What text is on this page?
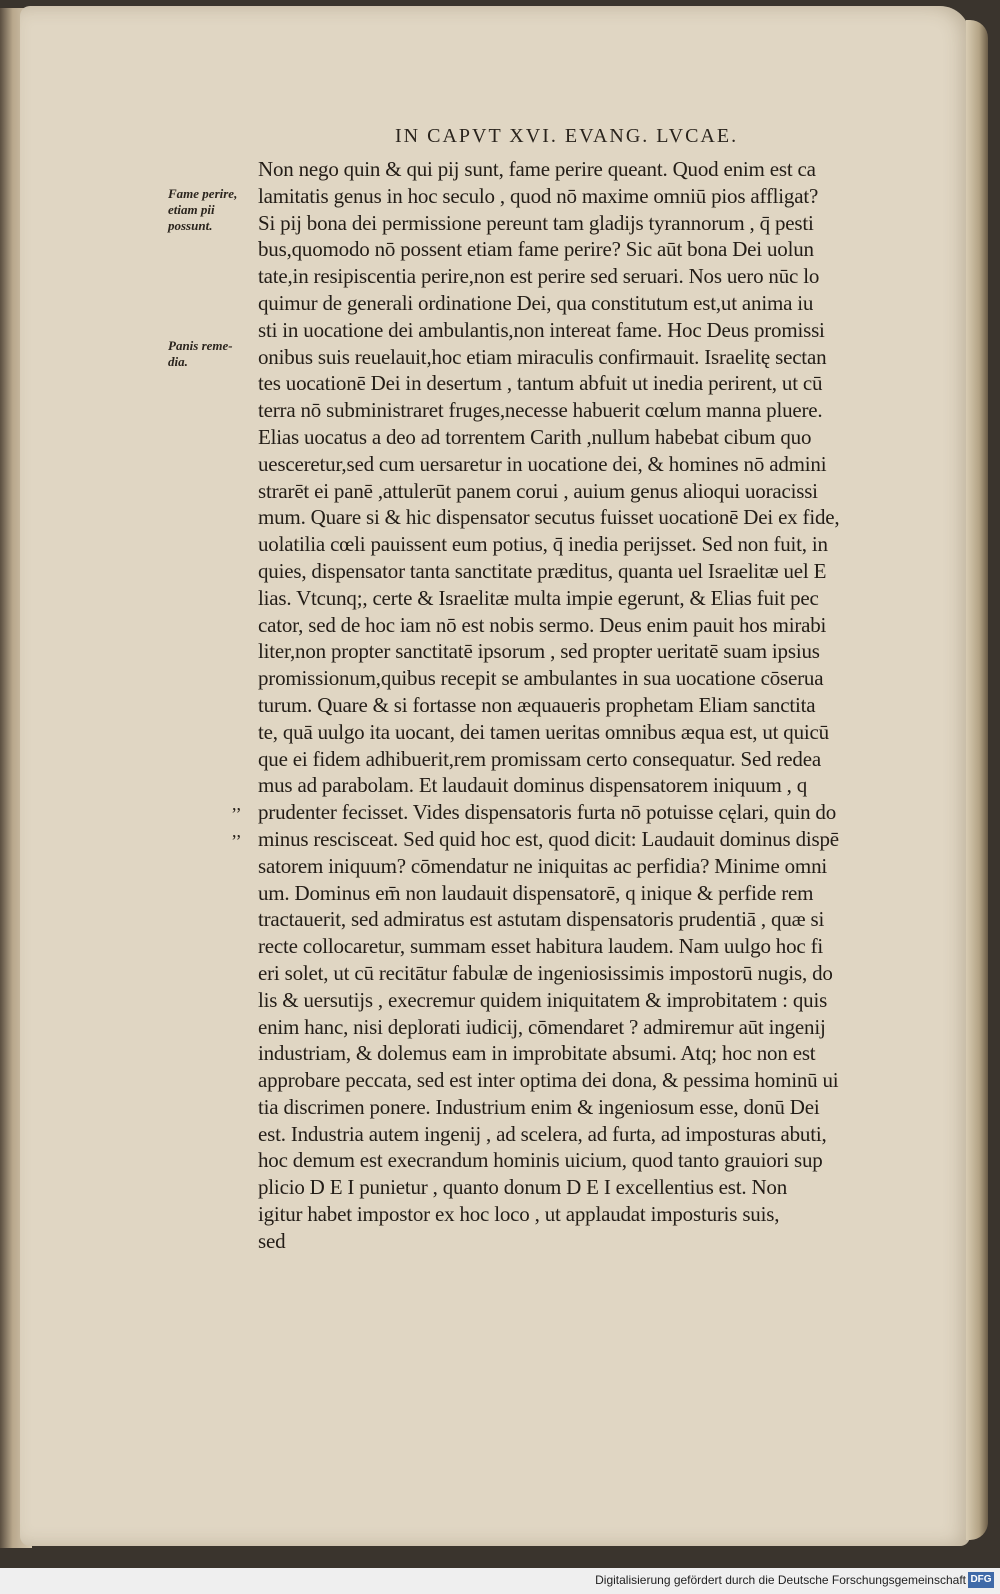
IN CAPVT XVI. EVANG. LVCAE.
Fame perire,
etiam pii
possunt.
Panis reme-
dia.
,,
,,
Non nego quin & qui pij sunt, fame perire queant. Quod enim est ca
lamitatis genus in hoc seculo , quod nō maxime omniū pios affligat?
Si pij bona dei permissione pereunt tam gladijs tyrannorum , q̄ pesti
bus,quomodo nō possent etiam fame perire? Sic aūt bona Dei uolun
tate,in resipiscentia perire,non est perire sed seruari. Nos uero nūc lo
quimur de generali ordinatione Dei, qua constitutum est,ut anima iu
sti in uocatione dei ambulantis,non intereat fame. Hoc Deus promissi
onibus suis reuelauit,hoc etiam miraculis confirmauit. Israelitę sectan
tes uocationē Dei in desertum , tantum abfuit ut inedia perirent, ut cū
terra nō subministraret fruges,necesse habuerit cœlum manna pluere.
Elias uocatus a deo ad torrentem Carith ,nullum habebat cibum quo
uesceretur,sed cum uersaretur in uocatione dei, & homines nō admini
strarēt ei panē ,attulerūt panem corui , auium genus alioqui uoracissi
mum. Quare si & hic dispensator secutus fuisset uocationē Dei ex fide,
uolatilia cœli pauissent eum potius, q̄ inedia perijsset. Sed non fuit, in
quies, dispensator tanta sanctitate præditus, quanta uel Israelitæ uel E
lias. Vtcunq;, certe & Israelitæ multa impie egerunt, & Elias fuit pec
cator, sed de hoc iam nō est nobis sermo. Deus enim pauit hos mirabi
liter,non propter sanctitatē ipsorum , sed propter ueritatē suam ipsius
promissionum,quibus recepit se ambulantes in sua uocatione cōserua
turum. Quare & si fortasse non æquaueris prophetam Eliam sanctita
te, quā uulgo ita uocant, dei tamen ueritas omnibus æqua est, ut quicū
que ei fidem adhibuerit,rem promissam certo consequatur. Sed redea
mus ad parabolam. Et laudauit dominus dispensatorem iniquum , q
prudenter fecisset. Vides dispensatoris furta nō potuisse cęlari, quin do
minus rescisceat. Sed quid hoc est, quod dicit: Laudauit dominus dispē
satorem iniquum? cōmendatur ne iniquitas ac perfidia? Minime omni
um. Dominus em̄ non laudauit dispensatorē, q inique & perfide rem
tractauerit, sed admiratus est astutam dispensatoris prudentiā , quæ si
recte collocaretur, summam esset habitura laudem. Nam uulgo hoc fi
eri solet, ut cū recitātur fabulæ de ingeniosissimis impostorū nugis, do
lis & uersutijs , execremur quidem iniquitatem & improbitatem : quis
enim hanc, nisi deplorati iudicij, cōmendaret ? admiremur aūt ingenij
industriam, & dolemus eam in improbitate absumi. Atq; hoc non est
approbare peccata, sed est inter optima dei dona, & pessima hominū ui
tia discrimen ponere. Industrium enim & ingeniosum esse, donū Dei
est. Industria autem ingenij , ad scelera, ad furta, ad imposturas abuti,
hoc demum est execrandum hominis uicium, quod tanto grauiori sup
plicio D E I punietur , quanto donum D E I excellentius est. Non
igitur habet impostor ex hoc loco , ut applaudat imposturis suis,
sed
Digitalisierung gefördert durch die Deutsche Forschungsgemeinschaft DFG
